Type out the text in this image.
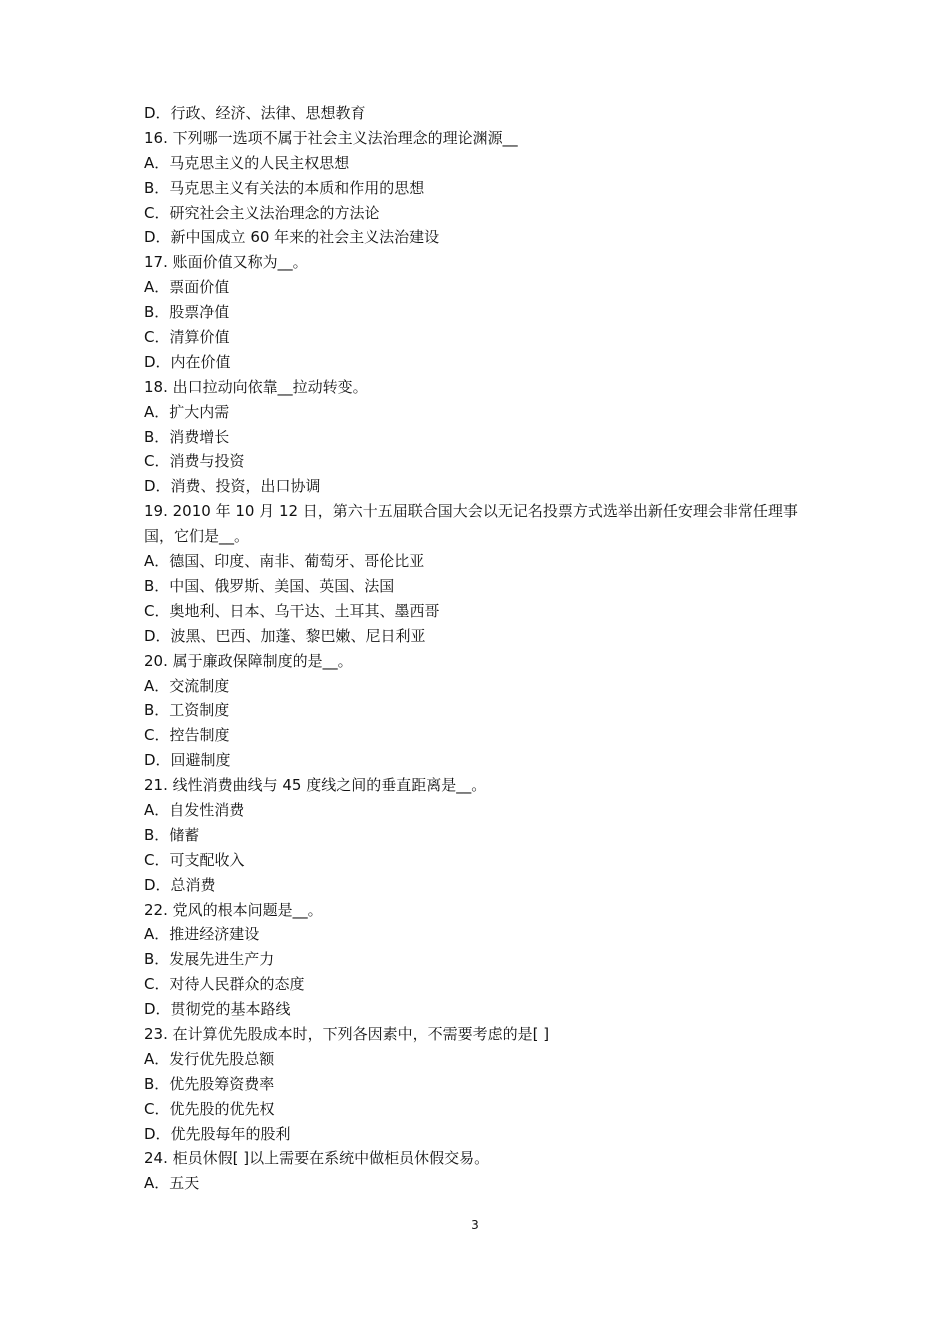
D．行政、经济、法律、思想教育
16. 下列哪一选项不属于社会主义法治理念的理论渊源__
A．马克思主义的人民主权思想
B．马克思主义有关法的本质和作用的思想
C．研究社会主义法治理念的方法论
D．新中国成立 60 年来的社会主义法治建设
17. 账面价值又称为__。
A．票面价值
B．股票净值
C．清算价值
D．内在价值
18. 出口拉动向依靠__拉动转变。
A．扩大内需
B．消费增长
C．消费与投资
D．消费、投资，出口协调
19. 2010 年 10 月 12 日，第六十五届联合国大会以无记名投票方式选举出新任安理会非常任理事国，它们是__。
A．德国、印度、南非、葡萄牙、哥伦比亚
B．中国、俄罗斯、美国、英国、法国
C．奥地利、日本、乌干达、土耳其、墨西哥
D．波黑、巴西、加蓬、黎巴嫩、尼日利亚
20. 属于廉政保障制度的是__。
A．交流制度
B．工资制度
C．控告制度
D．回避制度
21. 线性消费曲线与 45 度线之间的垂直距离是__。
A．自发性消费
B．储蓄
C．可支配收入
D．总消费
22. 党风的根本问题是__。
A．推进经济建设
B．发展先进生产力
C．对待人民群众的态度
D．贯彻党的基本路线
23. 在计算优先股成本时，下列各因素中，不需要考虑的是[ ]
A．发行优先股总额
B．优先股筹资费率
C．优先股的优先权
D．优先股每年的股利
24. 柜员休假[ ]以上需要在系统中做柜员休假交易。
A．五天
3
